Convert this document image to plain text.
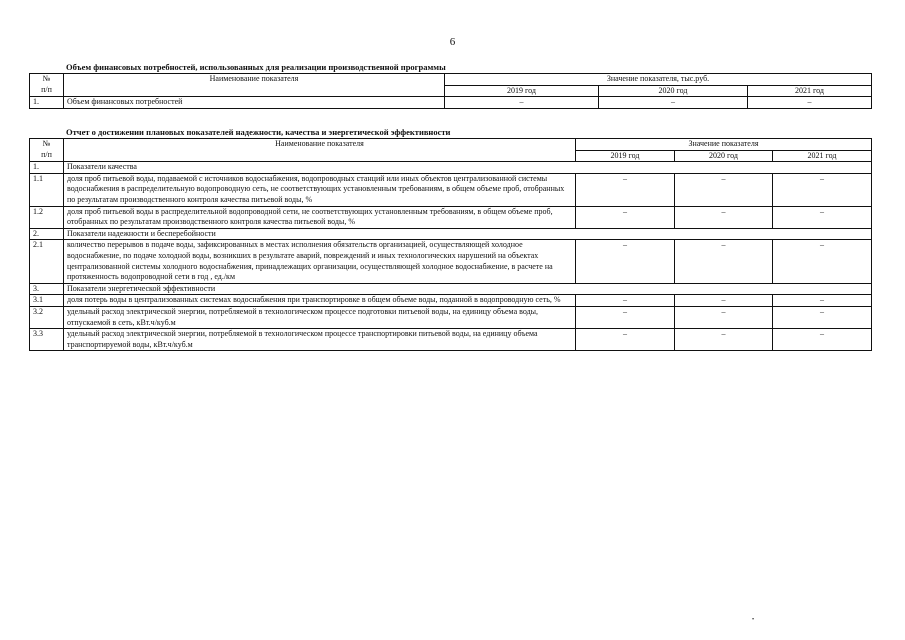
6
Объем финансовых потребностей, использованных для реализации производственной программы
№
п/п	Наименование показателя	Значение показателя, тыс.руб.		
		2019 год	2020 год	2021 год
1.	Объем финансовых потребностей	–	–	–
Отчет о достижении плановых показателей надежности, качества и энергетической эффективности
№
п/п	Наименование показателя	Значение показателя		
		2019 год	2020 год	2021 год
1.	Показатели качества			
1.1	доля проб питьевой воды, подаваемой с источников водоснабжения, водопроводных станций или иных объектов централизованной системы водоснабжения в распределительную водопроводную сеть, не соответствующих установленным требованиям, в общем объеме проб, отобранных по результатам производственного контроля качества питьевой воды, %	–	–	–
1.2	доля проб питьевой воды в распределительной водопроводной сети, не соответствующих установленным требованиям, в общем объеме проб, отобранных по результатам производственного контроля качества питьевой воды, %	–	–	–
2.	Показатели надежности и бесперебойности			
2.1	количество перерывов в подаче воды, зафиксированных в местах исполнения обязательств организацией, осуществляющей холодное водоснабжение, по подаче холодной воды, возникших в результате аварий, повреждений и иных технологических нарушений на объектах централизованной системы холодного водоснабжения, принадлежащих организации, осуществляющей холодное водоснабжение, в расчете на протяженность водопроводной сети в год , ед./км	–	–	–
3.	Показатели энергетической эффективности			
3.1	доля потерь воды в централизованных системах водоснабжения при транспортировке в общем объеме воды, поданной в водопроводную сеть, %	–	–	–
3.2	удельный расход электрической энергии, потребляемой в технологическом процессе подготовки питьевой воды, на единицу объема воды, отпускаемой в сеть, кВт.ч/куб.м	–	–	–
3.3	удельный расход электрической энергии, потребляемой в технологическом процессе транспортировки питьевой воды, на единицу объема транспортируемой воды, кВт.ч/куб.м	–	–	–
•
